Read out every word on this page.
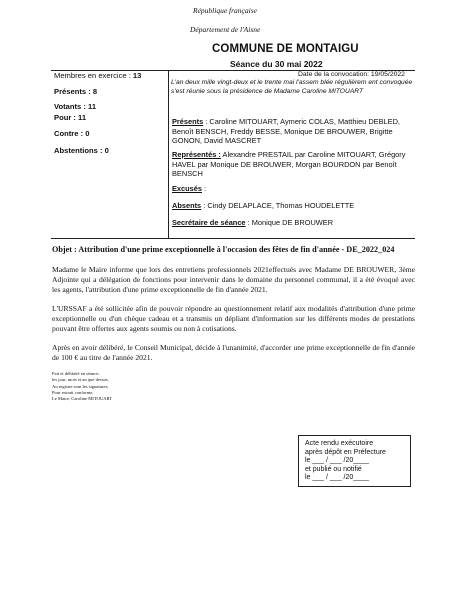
République française
Département de l'Aisne
COMMUNE DE MONTAIGU
Séance du 30 mai 2022
Membres en exercice : 13
Présents : 8
Votants : 11
Pour : 11
Contre : 0
Abstentions : 0
Date de la convocation: 19/05/2022
L'an deux mille vingt-deux et le trente mai l'assem blée régulièrem ent convoquée s'est réunie sous la présidence de Madame Caroline MITOUART
Présents : Caroline MITOUART, Aymeric COLAS, Matthieu DEBLED, Benoît BENSCH, Freddy BESSE, Monique DE BROUWER, Brigitte GONON, David MASCRET
Représentés : Alexandre PRESTAIL par Caroline MITOUART, Grégory HAVEL par Monique DE BROUWER, Morgan BOURDON par Benoît BENSCH
Excusés :
Absents : Cindy DELAPLACE, Thomas HOUDELETTE
Secrétaire de séance : Monique DE BROUWER
Objet : Attribution d'une prime exceptionnelle à l'occasion des fêtes de fin d'année - DE_2022_024
Madame le Maire informe que lors des entretiens professionnels 2021effectués avec Madame DE BROUWER, 3ème Adjointe qui a délégation de fonctions pour intervenir dans le domaine du personnel communal, il a été évoqué avec les agents, l'attribution d'une prime exceptionnelle de fin d'année 2021.
L'URSSAF a été sollicitée afin de pouvoir répondre au questionnement relatif aux modalités d'attribution d'une prime exceptionnelle ou d'un chèque cadeau et a transmis un dépliant d'information sur les différents modes de prestations pouvant être offertes aux agents soumis ou non à cotisations.
Après en avoir délibéré, le Conseil Municipal, décide à l'unanimité, d'accorder une prime exceptionnelle de fin d'année de 100 € au titre de l'année 2021.
Fait et délibéré en séance,
les jour, mois et an que dessus,
Au registre sont les signatures,
Pour extrait conforme,
Le Maire, Caroline MITOUART
Acte rendu exécutoire
après dépôt en Préfecture
le ___ / ___ /20____
et publié ou notifié
le ___ / ___ /20____
